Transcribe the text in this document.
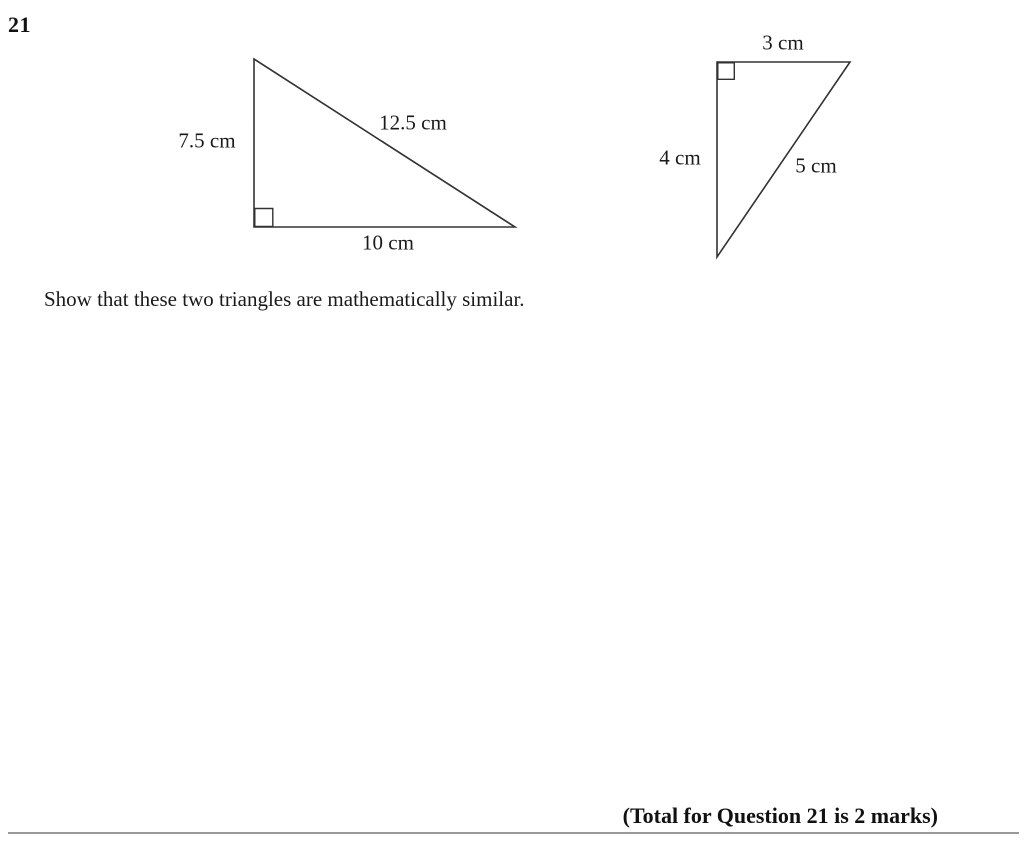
21
7.5 cm
12.5 cm
10 cm
3 cm
4 cm	5 cm
Show that these two triangles are mathematically similar.
(Total for Question 21 is 2 marks)
